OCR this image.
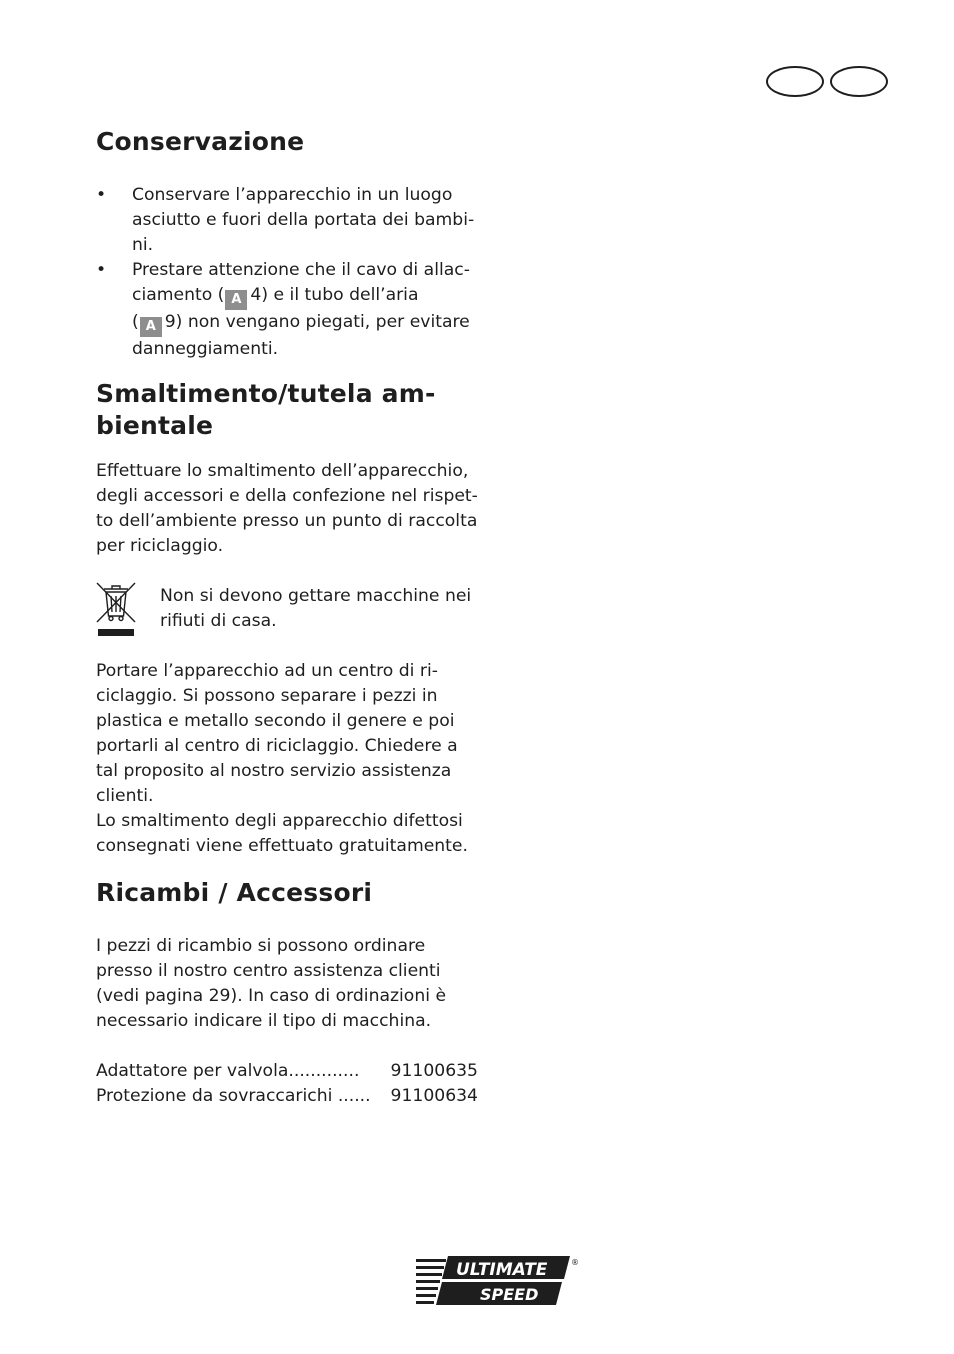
Conservazione
• Conservare l’apparecchio in un luogo

asciutto e fuori della portata dei bambi-

ni.

• Prestare attenzione che il cavo di allac-

ciamento ( A 4) e il tubo dell’aria

( A 9) non vengano piegati, per evitare

danneggiamenti.

Smaltimento/tutela am-
bientale

Effettuare lo smaltimento dell’apparecchio,

degli accessori e della confezione nel rispet-

to dell’ambiente presso un punto di raccolta

per riciclaggio.

Non si devono gettare macchine nei

rifiuti di casa.

Portare l’apparecchio ad un centro di ri-

ciclaggio. Si possono separare i pezzi in

plastica e metallo secondo il genere e poi

portarli al centro di riciclaggio. Chiedere a

tal proposito al nostro servizio assistenza

clienti.

Lo smaltimento degli apparecchio difettosi

consegnati viene effettuato gratuitamente.

Ricambi / Accessori

I pezzi di ricambio si possono ordinare

presso il nostro centro assistenza clienti

(vedi pagina 29). In caso di ordinazioni è

necessario indicare il tipo di macchina.

Adattatore per valvola.............	91100635
Protezione da sovraccarichi ......	91100634
ULTIMATE
SPEED
®
